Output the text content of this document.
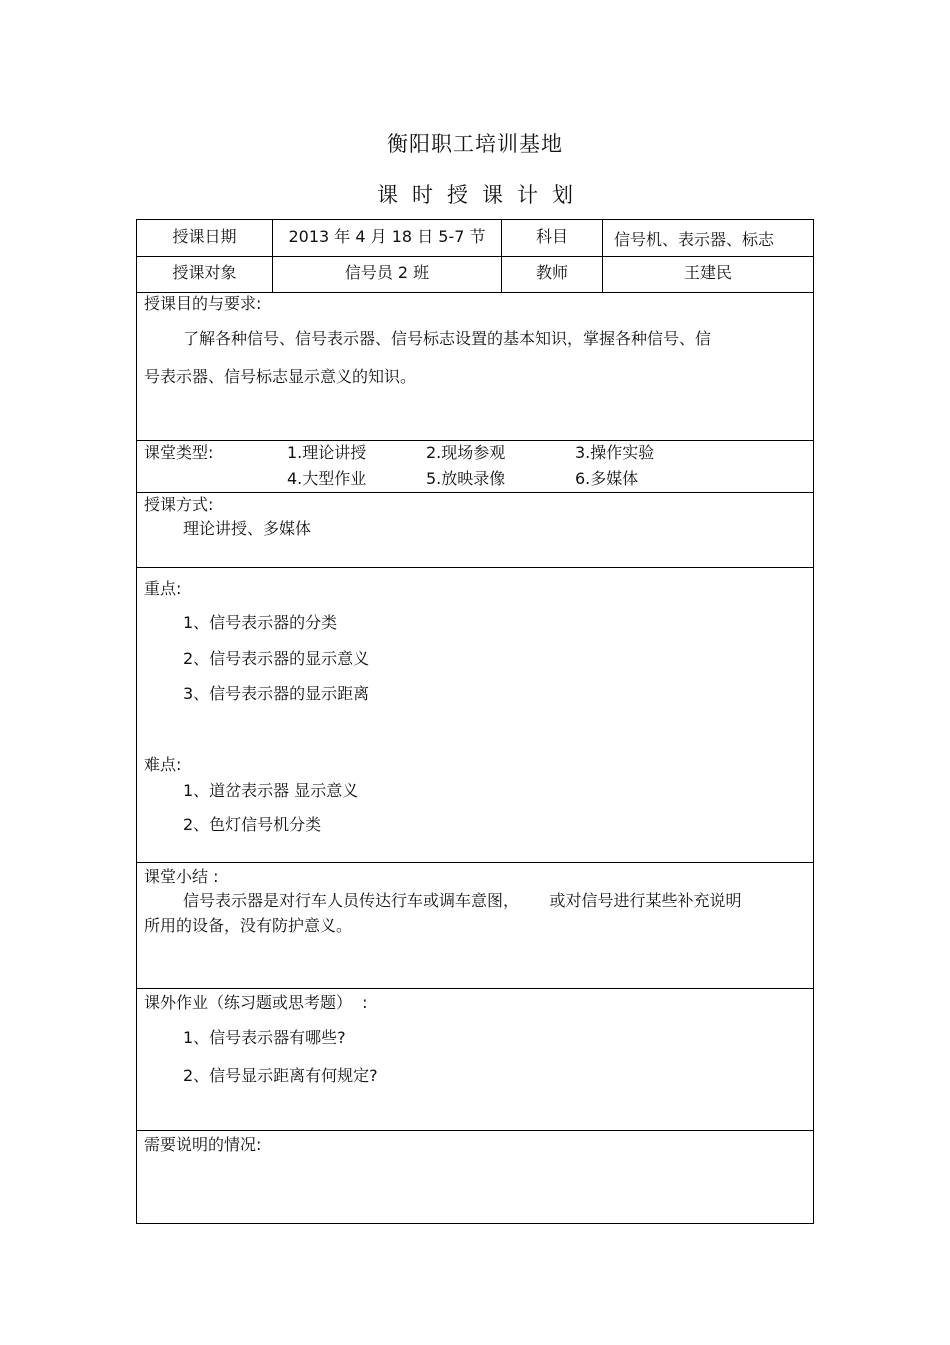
衡阳职工培训基地
课时授课计划
授课日期	2013 年 4 月 18 日 5-7 节	科目	信号机、表示器、标志
授课对象	信号员 2 班	教师	王建民
授课目的与要求:
了解各种信号、信号表示器、信号标志设置的基本知识，掌握各种信号、信
号表示器、信号标志显示意义的知识。
课堂类型:	1.理论讲授	2.现场参观	3.操作实验
4.大型作业	5.放映录像	6.多媒体
授课方式:
理论讲授、多媒体
重点:
1、信号表示器的分类
2、信号表示器的显示意义
3、信号表示器的显示距离
难点:
1、道岔表示器 显示意义
2、色灯信号机分类
课堂小结 :
信号表示器是对行车人员传达行车或调车意图，      或对信号进行某些补充说明
所用的设备，没有防护意义。
课外作业（练习题或思考题）  :
1、信号表示器有哪些?
2、信号显示距离有何规定?
需要说明的情况:
